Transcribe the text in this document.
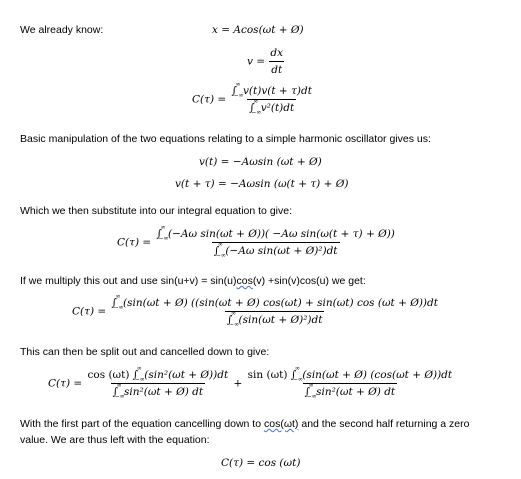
We already know:	x = Acos(ωt + Ø)
$v = \frac{dx}{dt}$
C(τ) = ∫
∞
−∞ v(t)v(t + τ)dt
∫
∞
−∞ v²(t)dt
Basic manipulation of the two equations relating to a simple harmonic oscillator gives us:
v(t) = −Aωsin (ωt + Ø)
v(t + τ) = −Aωsin (ω(t + τ) + Ø)
Which we then substitute into our integral equation to give:
C(τ) = ∫
∞
−∞ (−Aω sin(ωt + Ø))( −Aω sin(ω(t + τ) + Ø))
∫
∞
−∞ (−Aω sin(ωt + Ø)²)dt
If we multiply this out and use sin(u+v) = sin(u)cos(v) +sin(v)cos(u) we get:
C(τ) =
∫
∞
−∞ (sin(ωt + Ø) ((sin(ωt + Ø) cos(ωt) + sin(ωt) cos (ωt + Ø))dt
∫
∞
−∞ (sin(ωt + Ø)²)dt
This can then be split out and cancelled down to give:
C(τ) = cos (ωt) ∫
∞
−∞ (sin²(ωt + Ø))dt
∫
∞
−∞ sin²(ωt + Ø) dt + sin (ωt) ∫
∞
−∞ (sin(ωt + Ø) (cos(ωt + Ø))dt
∫
∞
−∞ sin²(ωt + Ø) dt
With the first part of the equation cancelling down to cos(ωt) and the second half returning a zero
value. We are thus left with the equation:
C(τ) = cos (ωt)
